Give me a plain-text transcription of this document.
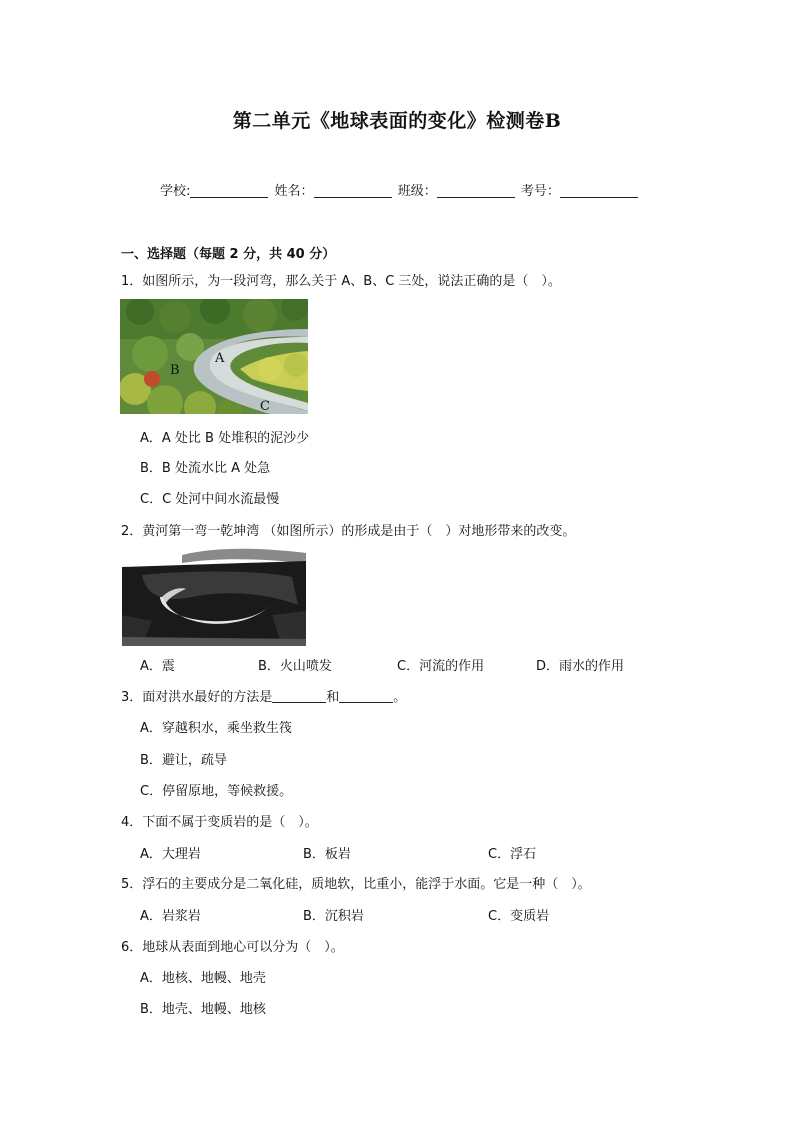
第二单元《地球表面的变化》检测卷B
学校:	姓名：	班级：	考号：
一、选择题（每题 2 分，共 40 分）
1．如图所示，为一段河弯，那么关于 A、B、C 三处，说法正确的是（　）。
A
B
C
A．A 处比 B 处堆积的泥沙少
B．B 处流水比 A 处急
C．C 处河中间水流最慢
2．黄河第一弯一乾坤湾 （如图所示）的形成是由于（　）对地形带来的改变。
A．震	B．火山喷发	C．河流的作用	D．雨水的作用
3．面对洪水最好的方法是	和	。
A．穿越积水，乘坐救生筏
B．避让，疏导
C．停留原地，等候救援。
4．下面不属于变质岩的是（　）。
A．大理岩	B．板岩	C．浮石
5．浮石的主要成分是二氧化硅，质地软，比重小，能浮于水面。它是一种（　）。
A．岩浆岩	B．沉积岩	C．变质岩
6．地球从表面到地心可以分为（　）。
A．地核、地幔、地壳
B．地壳、地幔、地核
